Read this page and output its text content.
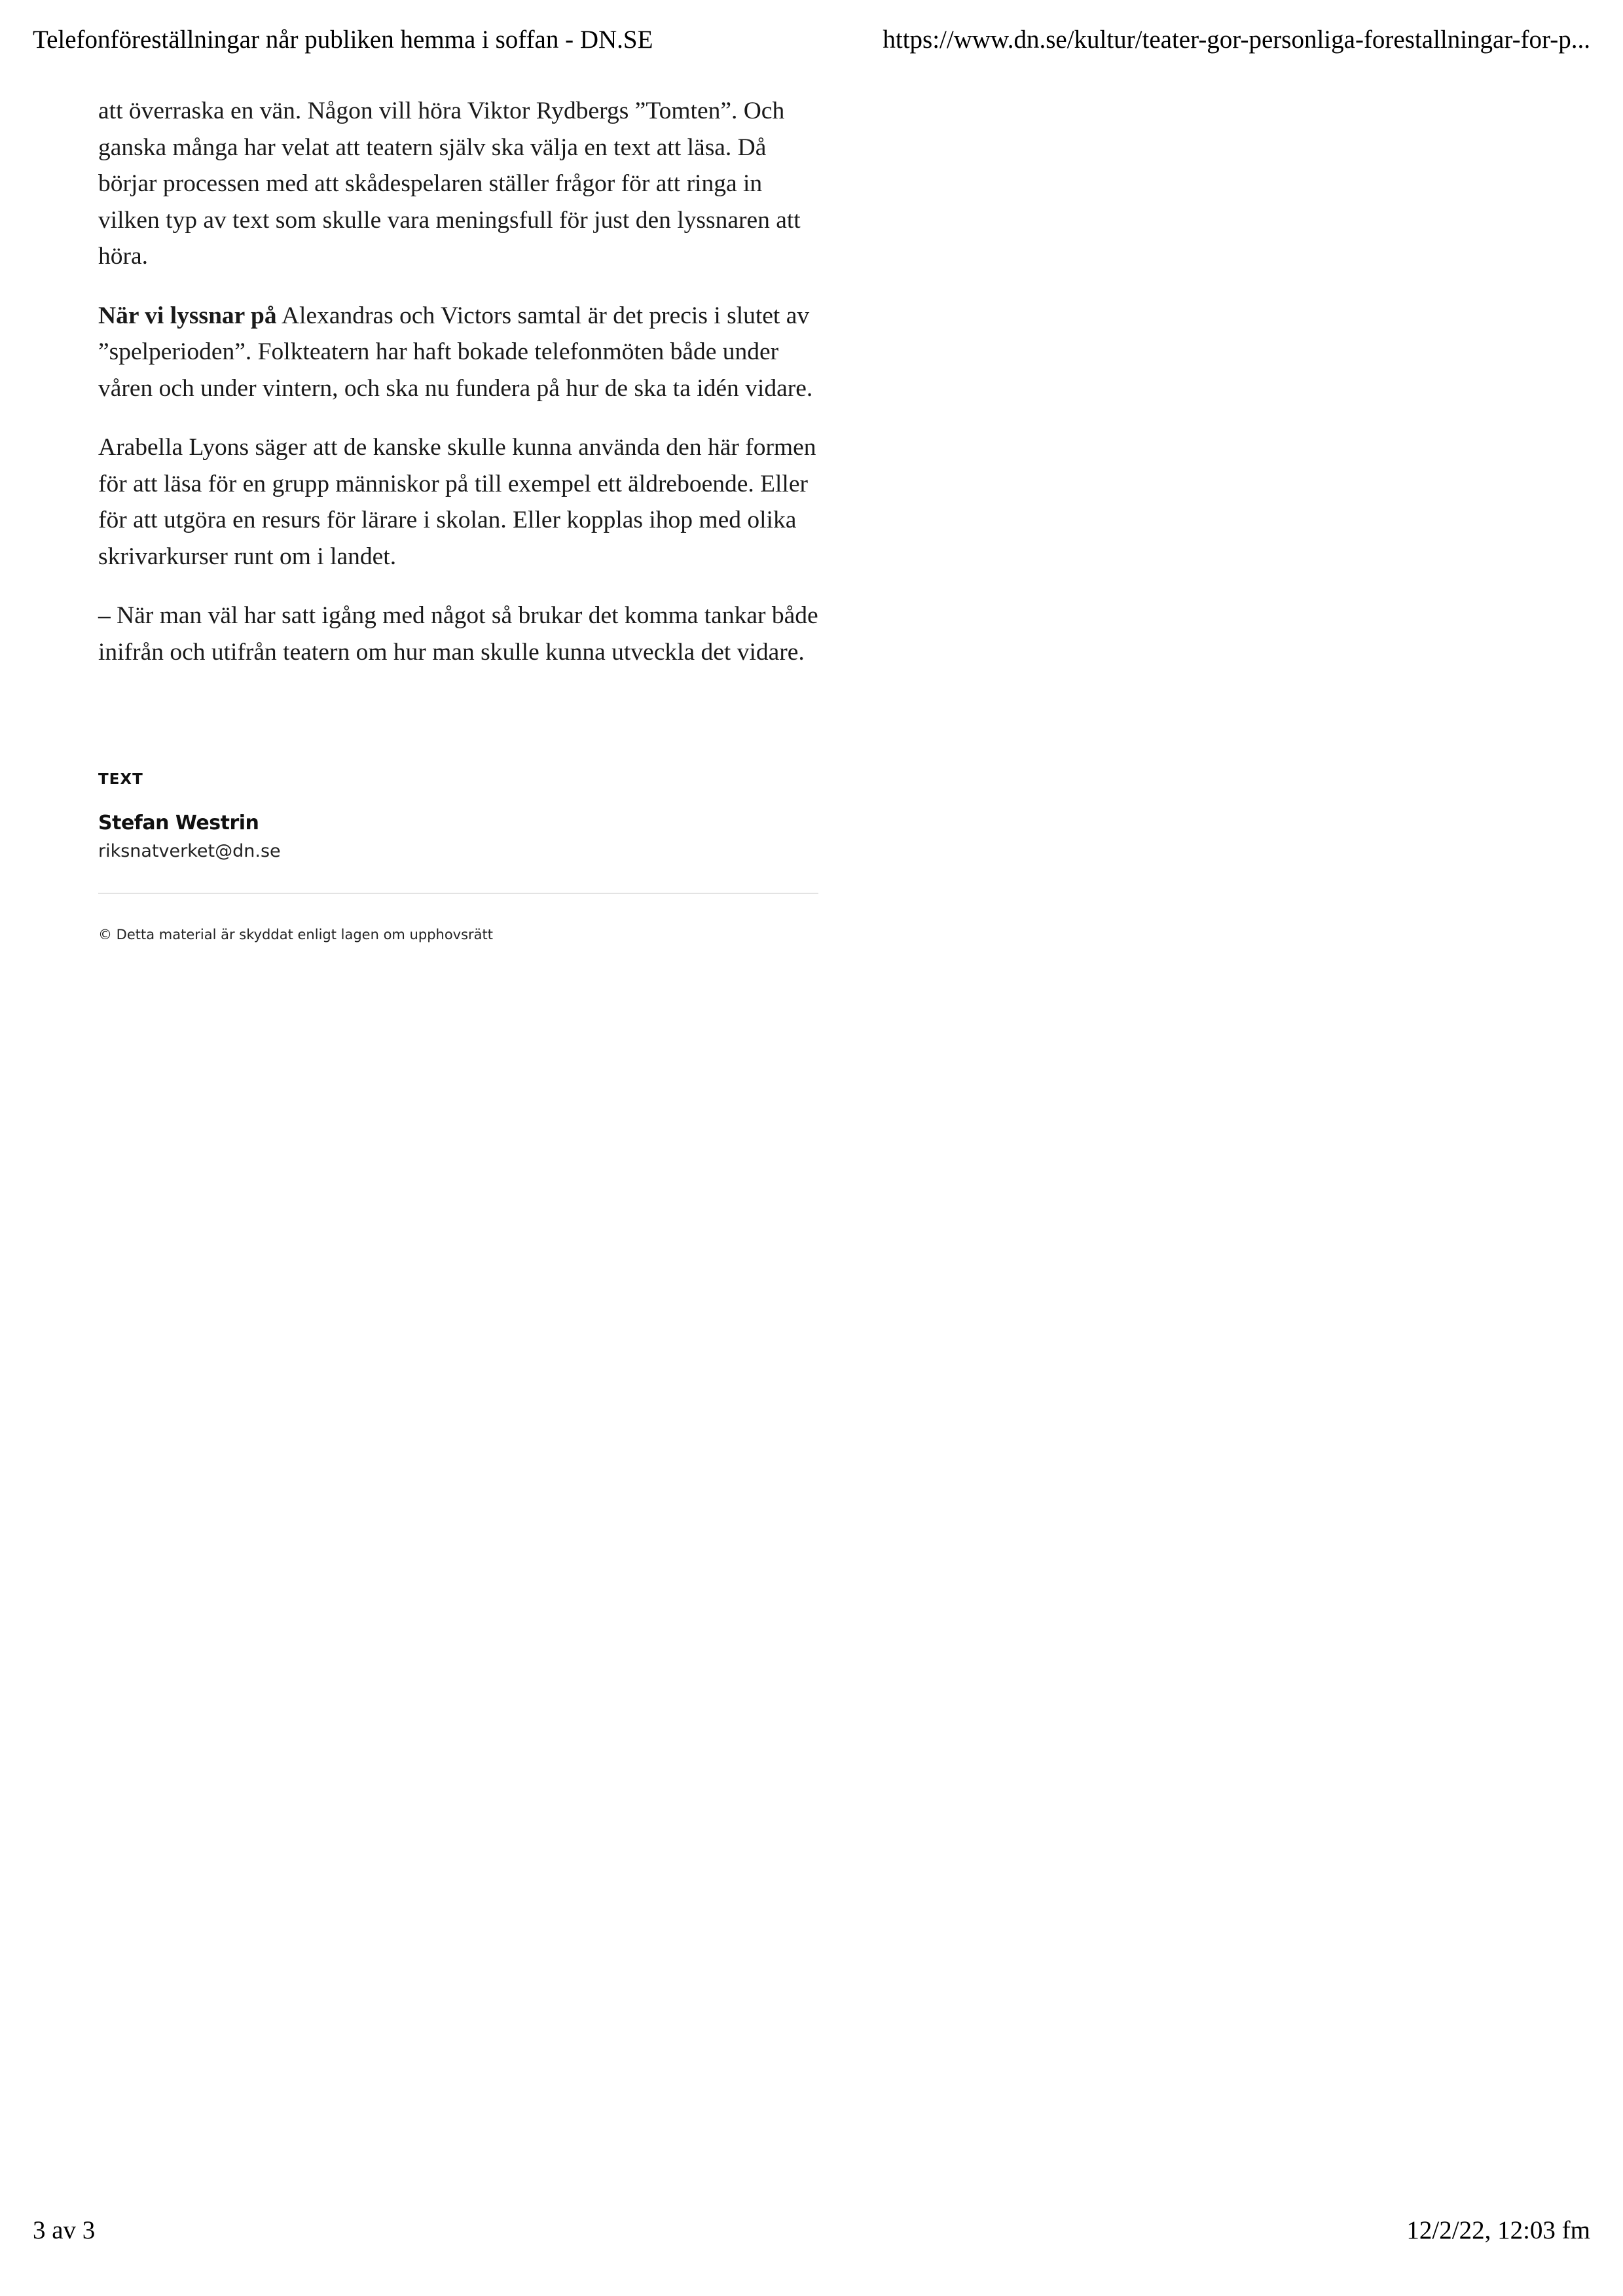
Telefonföreställningar når publiken hemma i soffan - DN.SE	https://www.dn.se/kultur/teater-gor-personliga-forestallningar-for-p...

att överraska en vän. Någon vill höra Viktor Rydbergs ”Tomten”. Och ganska många har velat att teatern själv ska välja en text att läsa. Då börjar processen med att skådespelaren ställer frågor för att ringa in vilken typ av text som skulle vara meningsfull för just den lyssnaren att höra.

När vi lyssnar på Alexandras och Victors samtal är det precis i slutet av ”spelperioden”. Folkteatern har haft bokade telefonmöten både under våren och under vintern, och ska nu fundera på hur de ska ta idén vidare.

Arabella Lyons säger att de kanske skulle kunna använda den här formen för att läsa för en grupp människor på till exempel ett äldreboende. Eller för att utgöra en resurs för lärare i skolan. Eller kopplas ihop med olika skrivarkurser runt om i landet.

– När man väl har satt igång med något så brukar det komma tankar både inifrån och utifrån teatern om hur man skulle kunna utveckla det vidare.

TEXT
Stefan Westrin
riksnatverket@dn.se
© Detta material är skyddat enligt lagen om upphovsrätt
3 av 3	12/2/22, 12:03 fm
